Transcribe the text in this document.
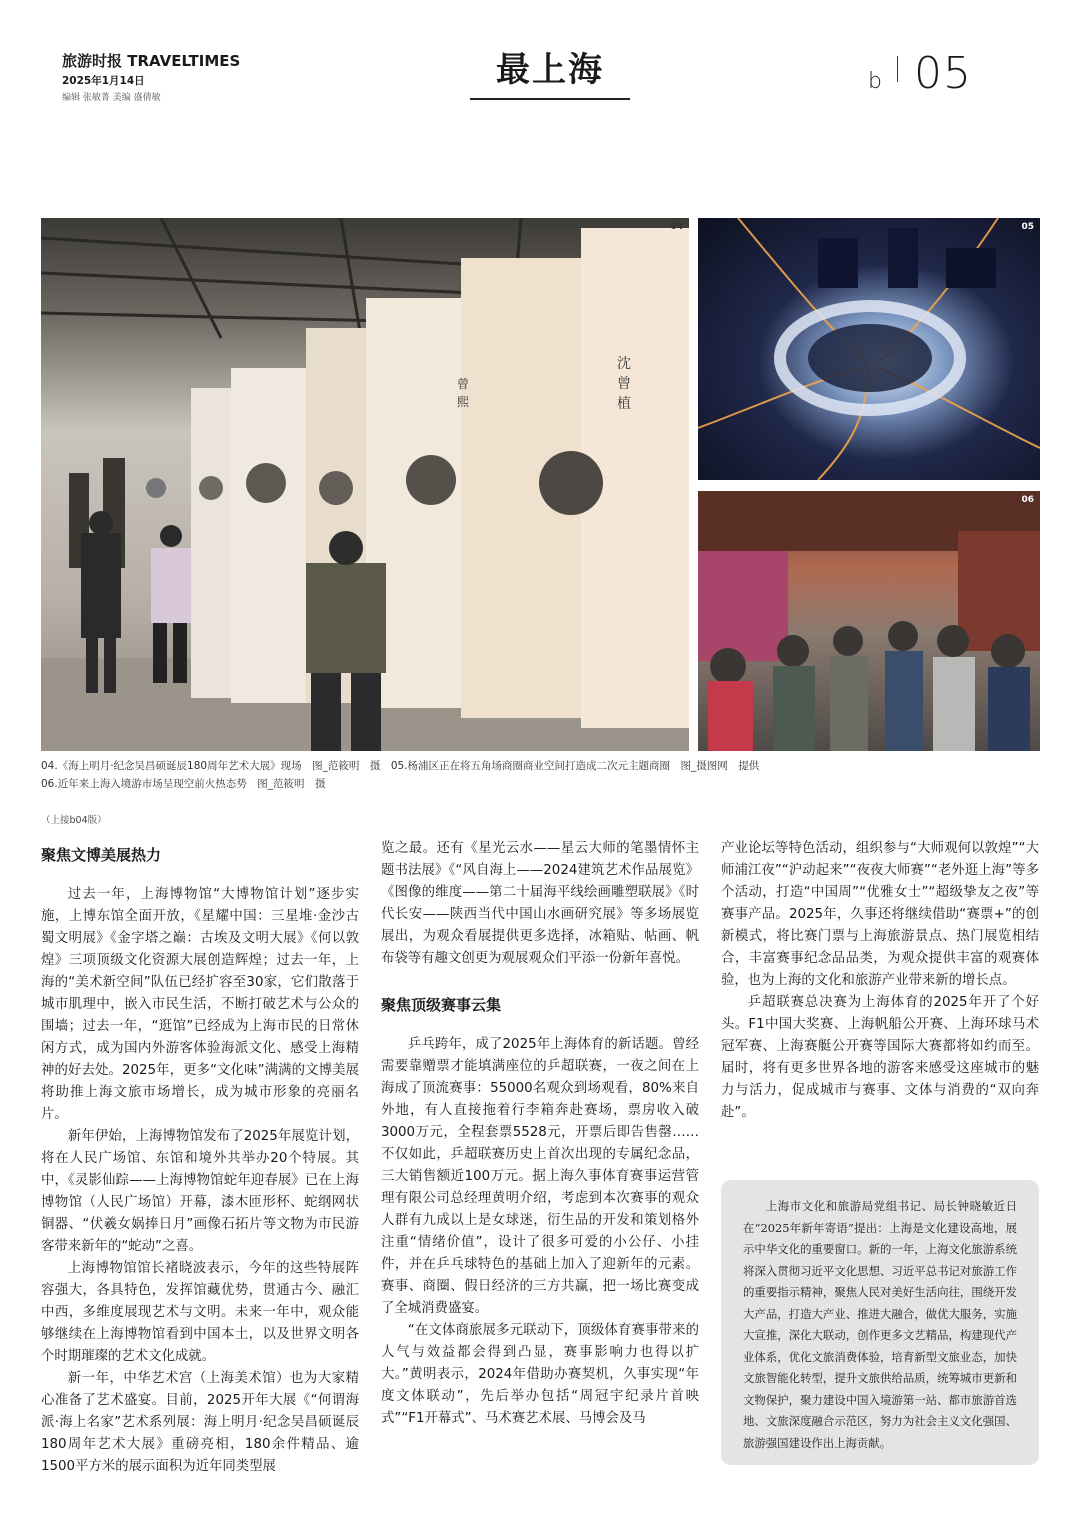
旅游时报 TRAVELTIMES
2025年1月14日
编辑 张敏菁 美编 盛倩敏
最上海	b 05
沈
曾
植
曾
熙
04	05
06
04.《海上明月·纪念吴昌硕诞辰180周年艺术大展》现场　图_范筱明　摄　05.杨浦区正在将五角场商圈商业空间打造成二次元主题商圈　图_摄图网　提供
06.近年来上海入境游市场呈现空前火热态势　图_范筱明　摄
（上接b04版）
聚焦文博美展热力

过去一年，上海博物馆“大博物馆计划”逐步实施，上博东馆全面开放，《星耀中国：三星堆·金沙古蜀文明展》《金字塔之巅：古埃及文明大展》《何以敦煌》三项顶级文化资源大展创造辉煌；过去一年，上海的“美术新空间”队伍已经扩容至30家，它们散落于城市肌理中，嵌入市民生活，不断打破艺术与公众的围墙；过去一年，“逛馆”已经成为上海市民的日常休闲方式，成为国内外游客体验海派文化、感受上海精神的好去处。2025年，更多“文化味”满满的文博美展将助推上海文旅市场增长，成为城市形象的亮丽名片。

新年伊始，上海博物馆发布了2025年展览计划，将在人民广场馆、东馆和境外共举办20个特展。其中，《灵影仙踪——上海博物馆蛇年迎春展》已在上海博物馆（人民广场馆）开幕，漆木匝形杯、蛇纲网状铜器、“伏羲女娲捧日月”画像石拓片等文物为市民游客带来新年的“蛇动”之喜。

上海博物馆馆长褚晓波表示，今年的这些特展阵容强大，各具特色，发挥馆藏优势，贯通古今、融汇中西，多维度展现艺术与文明。未来一年中，观众能够继续在上海博物馆看到中国本土，以及世界文明各个时期璀璨的艺术文化成就。

新一年，中华艺术宫（上海美术馆）也为大家精心准备了艺术盛宴。目前，2025开年大展《“何谓海派·海上名家”艺术系列展：海上明月·纪念吴昌硕诞辰180周年艺术大展》重磅亮相，180余件精品、逾1500平方米的展示面积为近年同类型展

览之最。还有《星光云水——星云大师的笔墨情怀主题书法展》《“风自海上——2024建筑艺术作品展览》《图像的维度——第二十届海平线绘画雕塑联展》《时代长安——陕西当代中国山水画研究展》等多场展览展出，为观众看展提供更多选择，冰箱贴、帖画、帆布袋等有趣文创更为观展观众们平添一份新年喜悦。

聚焦顶级赛事云集

乒乓跨年，成了2025年上海体育的新话题。曾经需要靠赠票才能填满座位的乒超联赛，一夜之间在上海成了顶流赛事：55000名观众到场观看，80%来自外地，有人直接拖着行李箱奔赴赛场，票房收入破3000万元，全程套票5528元，开票后即告售罄……不仅如此，乒超联赛历史上首次出现的专属纪念品，三大销售额近100万元。据上海久事体育赛事运营管理有限公司总经理黄明介绍，考虑到本次赛事的观众人群有九成以上是女球迷，衍生品的开发和策划格外注重“情绪价值”，设计了很多可爱的小公仔、小挂件，并在乒乓球特色的基础上加入了迎新年的元素。赛事、商圈、假日经济的三方共赢，把一场比赛变成了全城消费盛宴。

“在文体商旅展多元联动下，顶级体育赛事带来的人气与效益都会得到凸显，赛事影响力也得以扩大。”黄明表示，2024年借助办赛契机，久事实现“年度文体联动”，先后举办包括“周冠宇纪录片首映式”“F1开幕式”、马术赛艺术展、马博会及马

产业论坛等特色活动，组织参与“大师观何以敦煌”“大师浦江夜”“沪动起来”“夜夜大师赛”“老外逛上海”等多个活动，打造“中国周”“优雅女士”“超级挚友之夜”等赛事产品。2025年，久事还将继续借助“赛票+”的创新模式，将比赛门票与上海旅游景点、热门展览相结合，丰富赛事纪念品品类，为观众提供丰富的观赛体验，也为上海的文化和旅游产业带来新的增长点。

乒超联赛总决赛为上海体育的2025年开了个好头。F1中国大奖赛、上海帆船公开赛、上海环球马术冠军赛、上海赛艇公开赛等国际大赛都将如约而至。届时，将有更多世界各地的游客来感受这座城市的魅力与活力，促成城市与赛事、文体与消费的“双向奔赴”。

上海市文化和旅游局党组书记、局长钟晓敏近日在“2025年新年寄语”提出：上海是文化建设高地，展示中华文化的重要窗口。新的一年，上海文化旅游系统将深入贯彻习近平文化思想、习近平总书记对旅游工作的重要指示精神，聚焦人民对美好生活向往，围绕开发大产品，打造大产业、推进大融合，做优大服务，实施大宣推，深化大联动，创作更多文艺精品，构建现代产业体系，优化文旅消费体验，培育新型文旅业态，加快文旅智能化转型，提升文旅供给品质，统筹城市更新和文物保护，聚力建设中国入境游第一站、都市旅游首选地、文旅深度融合示范区，努力为社会主义文化强国、旅游强国建设作出上海贡献。
